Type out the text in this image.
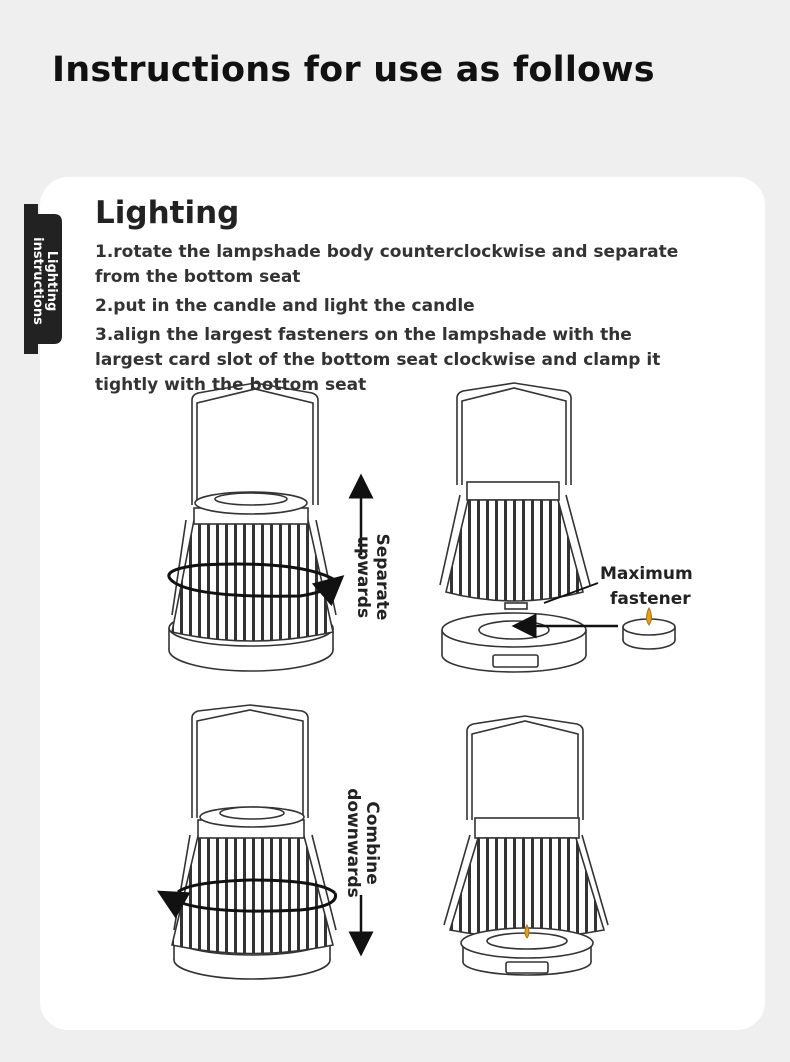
Instructions for use as follows
Lighting
instructions
Lighting

1.rotate the lampshade body counterclockwise and separate from the bottom seat

2.put in the candle and light the candle

3.align the largest fasteners on the lampshade with the largest card slot of the bottom seat clockwise and clamp it tightly with the bottom seat

Separate
upwards
Combine
downwards
Maximum
fastener
